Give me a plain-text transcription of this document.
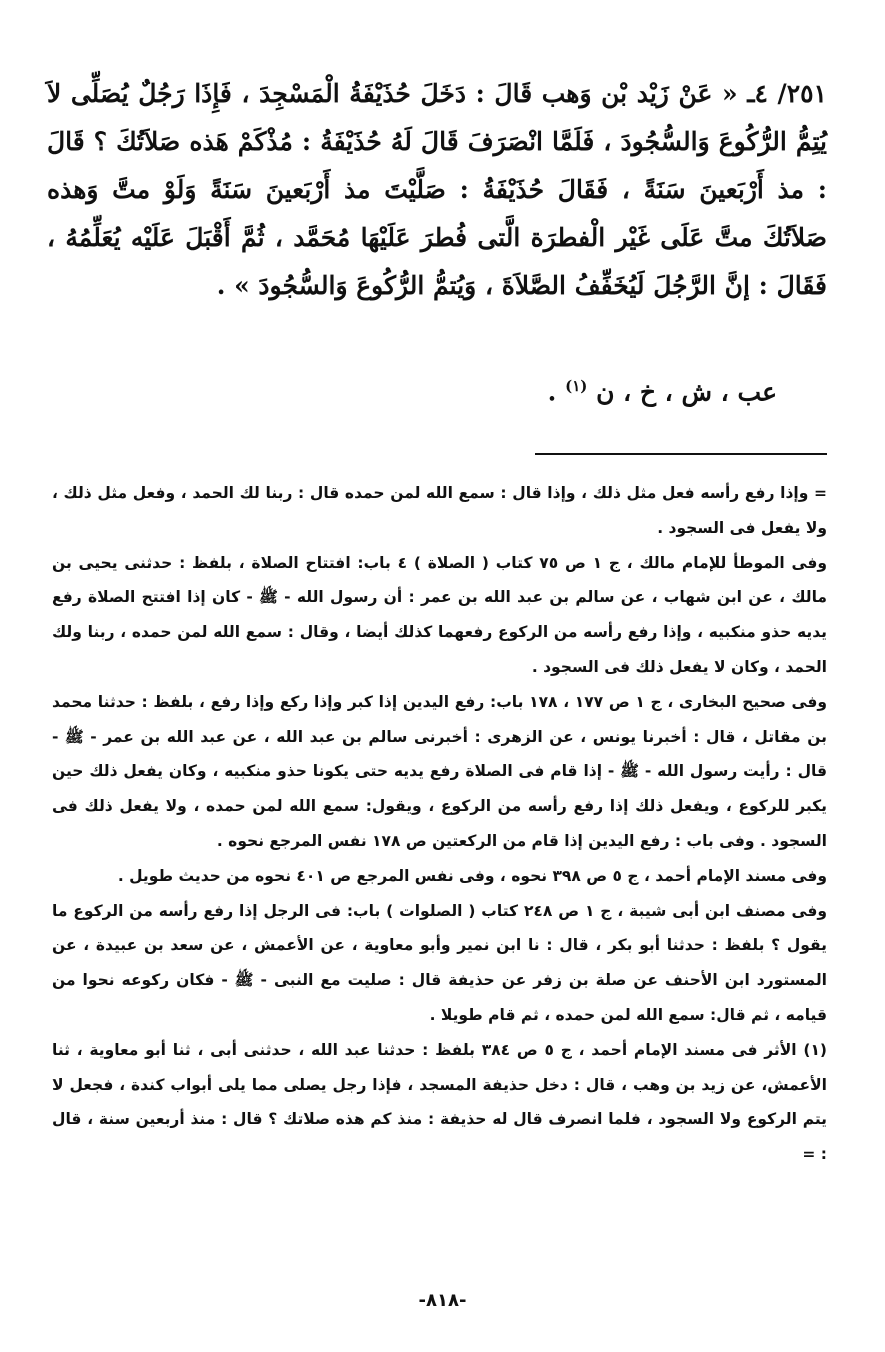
٢٥١/ ٤ـ « عَنْ زَيْد بْن وَهب قَالَ : دَخَلَ حُذَيْفَةُ الْمَسْجِدَ ، فَإِذَا رَجُلٌ يُصَلِّى لاَ يُتِمُّ الرُّكُوعَ وَالسُّجُودَ ، فَلَمَّا انْصَرَفَ قَالَ لَهُ حُذَيْفَةُ : مُذْكَمْ هَذه صَلاَتُكَ ؟ قَالَ : مذ أَرْبَعينَ سَنَةً ، فَقَالَ حُذَيْفَةُ : صَلَّيْتَ مذ أَرْبَعينَ سَنَةً وَلَوْ متَّ وَهذه صَلاَتُكَ متَّ عَلَى غَيْر الْفطرَة الَّتى فُطرَ عَلَيْهَا مُحَمَّد ، ثُمَّ أَقْبَلَ عَلَيْه يُعَلِّمُهُ ، فَقَالَ : إنَّ الرَّجُلَ لَيُخَفِّفُ الصَّلاَةَ ، وَيُتمُّ الرُّكُوعَ وَالسُّجُودَ » .

عب ، ش ، خ ، ن $^{(١)}$ .

= وإذا رفع رأسه فعل مثل ذلك ، وإذا قال : سمع الله لمن حمده قال : ربنا لك الحمد ، وفعل مثل ذلك ، ولا يفعل فى السجود .

وفى الموطأ للإمام مالك ، ج ١ ص ٧٥ كتاب ( الصلاة ) ٤ باب: افتتاح الصلاة ، بلفظ : حدثنى يحيى بن مالك ، عن ابن شهاب ، عن سالم بن عبد الله بن عمر : أن رسول الله - ﷺ - كان إذا افتتح الصلاة رفع يديه حذو منكبيه ، وإذا رفع رأسه من الركوع رفعهما كذلك أيضا ، وقال : سمع الله لمن حمده ، ربنا ولك الحمد ، وكان لا يفعل ذلك فى السجود .

وفى صحيح البخارى ، ج ١ ص ١٧٧ ، ١٧٨ باب: رفع اليدين إذا كبر وإذا ركع وإذا رفع ، بلفظ : حدثنا محمد بن مقاتل ، قال : أخبرنا يونس ، عن الزهرى : أخبرنى سالم بن عبد الله ، عن عبد الله بن عمر - ﷺ - قال : رأيت رسول الله - ﷺ - إذا قام فى الصلاة رفع يديه حتى يكونا حذو منكبيه ، وكان يفعل ذلك حين يكبر للركوع ، ويفعل ذلك إذا رفع رأسه من الركوع ، ويقول: سمع الله لمن حمده ، ولا يفعل ذلك فى السجود . وفى باب : رفع اليدين إذا قام من الركعتين ص ١٧٨ نفس المرجع نحوه .

وفى مسند الإمام أحمد ، ج ٥ ص ٣٩٨ نحوه ، وفى نفس المرجع ص ٤٠١ نحوه من حديث طويل .

وفى مصنف ابن أبى شيبة ، ج ١ ص ٢٤٨ كتاب ( الصلوات ) باب: فى الرجل إذا رفع رأسه من الركوع ما يقول ؟ بلفظ : حدثنا أبو بكر ، قال : نا ابن نمير وأبو معاوية ، عن الأعمش ، عن سعد بن عبيدة ، عن المستورد ابن الأحنف عن صلة بن زفر عن حذيفة قال : صليت مع النبى - ﷺ - فكان ركوعه نحوا من قيامه ، ثم قال: سمع الله لمن حمده ، ثم قام طويلا .

(١) الأثر فى مسند الإمام أحمد ، ج ٥ ص ٣٨٤ بلفظ : حدثنا عبد الله ، حدثنى أبى ، ثنا أبو معاوية ، ثنا الأعمش، عن زيد بن وهب ، قال : دخل حذيفة المسجد ، فإذا رجل يصلى مما يلى أبواب كندة ، فجعل لا يتم الركوع ولا السجود ، فلما انصرف قال له حذيفة : منذ كم هذه صلاتك ؟ قال : منذ أربعين سنة ، قال : =

-٨١٨-
